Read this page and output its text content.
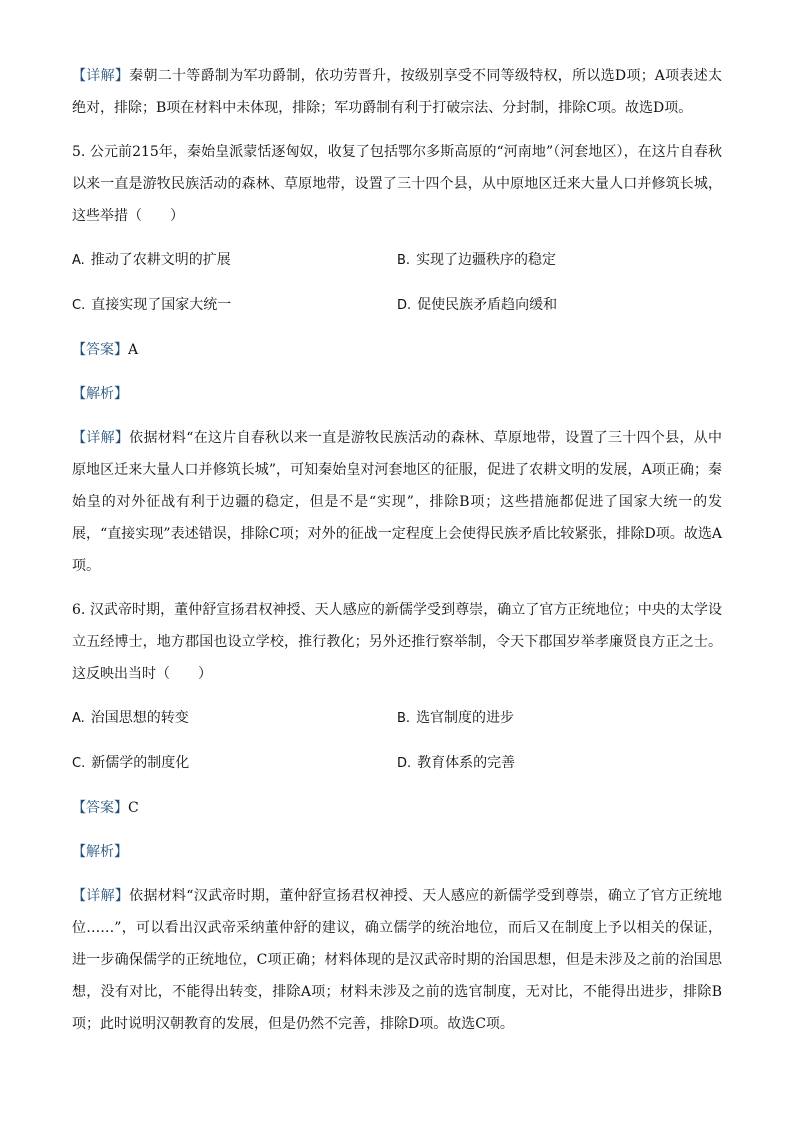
【详解】秦朝二十等爵制为军功爵制，依功劳晋升，按级别享受不同等级特权，所以选D项；A项表述太绝对，排除；B项在材料中未体现，排除；军功爵制有利于打破宗法、分封制，排除C项。故选D项。

5. 公元前215年，秦始皇派蒙恬逐匈奴，收复了包括鄂尔多斯高原的“河南地”（河套地区），在这片自春秋以来一直是游牧民族活动的森林、草原地带，设置了三十四个县，从中原地区迁来大量人口并修筑长城，这些举措（　　）

A. 推动了农耕文明的扩展	B. 实现了边疆秩序的稳定
C. 直接实现了国家大统一	D. 促使民族矛盾趋向缓和

【答案】A

【解析】

【详解】依据材料“在这片自春秋以来一直是游牧民族活动的森林、草原地带，设置了三十四个县，从中原地区迁来大量人口并修筑长城”，可知秦始皇对河套地区的征服，促进了农耕文明的发展，A项正确；秦始皇的对外征战有利于边疆的稳定，但是不是“实现”，排除B项；这些措施都促进了国家大统一的发展，“直接实现”表述错误，排除C项；对外的征战一定程度上会使得民族矛盾比较紧张，排除D项。故选A项。

6. 汉武帝时期，董仲舒宣扬君权神授、天人感应的新儒学受到尊崇，确立了官方正统地位；中央的太学设立五经博士，地方郡国也设立学校，推行教化；另外还推行察举制，令天下郡国岁举孝廉贤良方正之士。这反映出当时（　　）

A. 治国思想的转变	B. 选官制度的进步
C. 新儒学的制度化	D. 教育体系的完善

【答案】C

【解析】

【详解】依据材料“汉武帝时期，董仲舒宣扬君权神授、天人感应的新儒学受到尊崇，确立了官方正统地位……”，可以看出汉武帝采纳董仲舒的建议，确立儒学的统治地位，而后又在制度上予以相关的保证，进一步确保儒学的正统地位，C项正确；材料体现的是汉武帝时期的治国思想，但是未涉及之前的治国思想，没有对比，不能得出转变，排除A项；材料未涉及之前的选官制度，无对比，不能得出进步，排除B项；此时说明汉朝教育的发展，但是仍然不完善，排除D项。故选C项。
